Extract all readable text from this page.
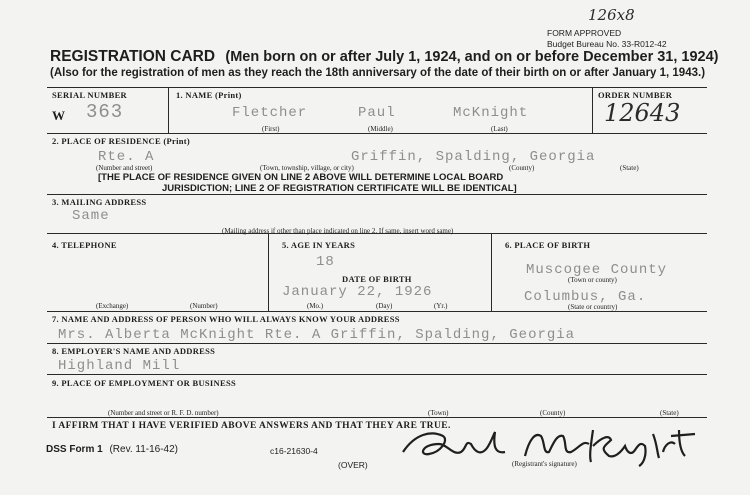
126x8
FORM APPROVED
Budget Bureau No. 33-R012-42
REGISTRATION CARD (Men born on or after July 1, 1924, and on or before December 31, 1924)
(Also for the registration of men as they reach the 18th anniversary of the date of their birth on or after January 1, 1943.)
SERIAL NUMBER
W 363
1. NAME (Print)
Fletcher	Paul	McKnight
(First)	(Middle)	(Last)
ORDER NUMBER
12643
2. PLACE OF RESIDENCE (Print)
Rte. A	Griffin, Spalding, Georgia
(Number and street)	(Town, township, village, or city)	(County)	(State)
[THE PLACE OF RESIDENCE GIVEN ON LINE 2 ABOVE WILL DETERMINE LOCAL BOARD
JURISDICTION; LINE 2 OF REGISTRATION CERTIFICATE WILL BE IDENTICAL]
3. MAILING ADDRESS
Same
(Mailing address if other than place indicated on line 2. If same, insert word same)
4. TELEPHONE
(Exchange)	(Number)
5. AGE IN YEARS
18
DATE OF BIRTH
January 22, 1926
(Mo.)	(Day)	(Yr.)
6. PLACE OF BIRTH
Muscogee County
(Town or county)
Columbus, Ga.
(State or country)
7. NAME AND ADDRESS OF PERSON WHO WILL ALWAYS KNOW YOUR ADDRESS
Mrs. Alberta McKnight Rte. A Griffin, Spalding, Georgia
8. EMPLOYER'S NAME AND ADDRESS
Highland Mill
9. PLACE OF EMPLOYMENT OR BUSINESS
(Number and street or R. F. D. number)	(Town)	(County)	(State)
I AFFIRM THAT I HAVE VERIFIED ABOVE ANSWERS AND THAT THEY ARE TRUE.
DSS Form 1 (Rev. 11-16-42)	c16-21630-4
(OVER)	(Registrant's signature)
